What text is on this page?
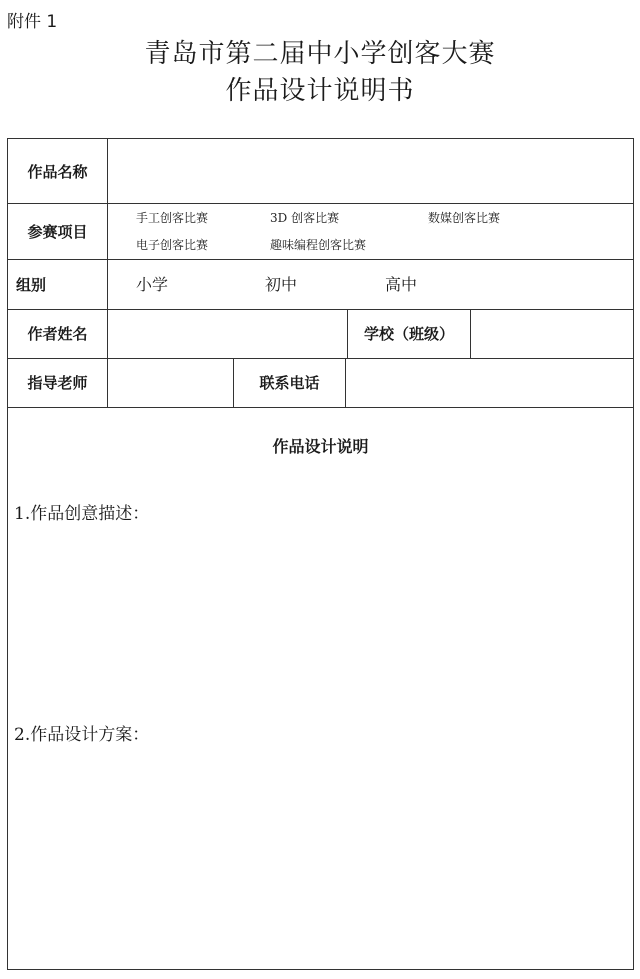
附件 1
青岛市第二届中小学创客大赛
作品设计说明书
作品名称
参赛项目
手工创客比赛	3D 创客比赛	数媒创客比赛
电子创客比赛	趣味编程创客比赛
组别	小学	初中	高中
作者姓名	学校（班级）
指导老师	联系电话
作品设计说明
1.作品创意描述：
2.作品设计方案：
